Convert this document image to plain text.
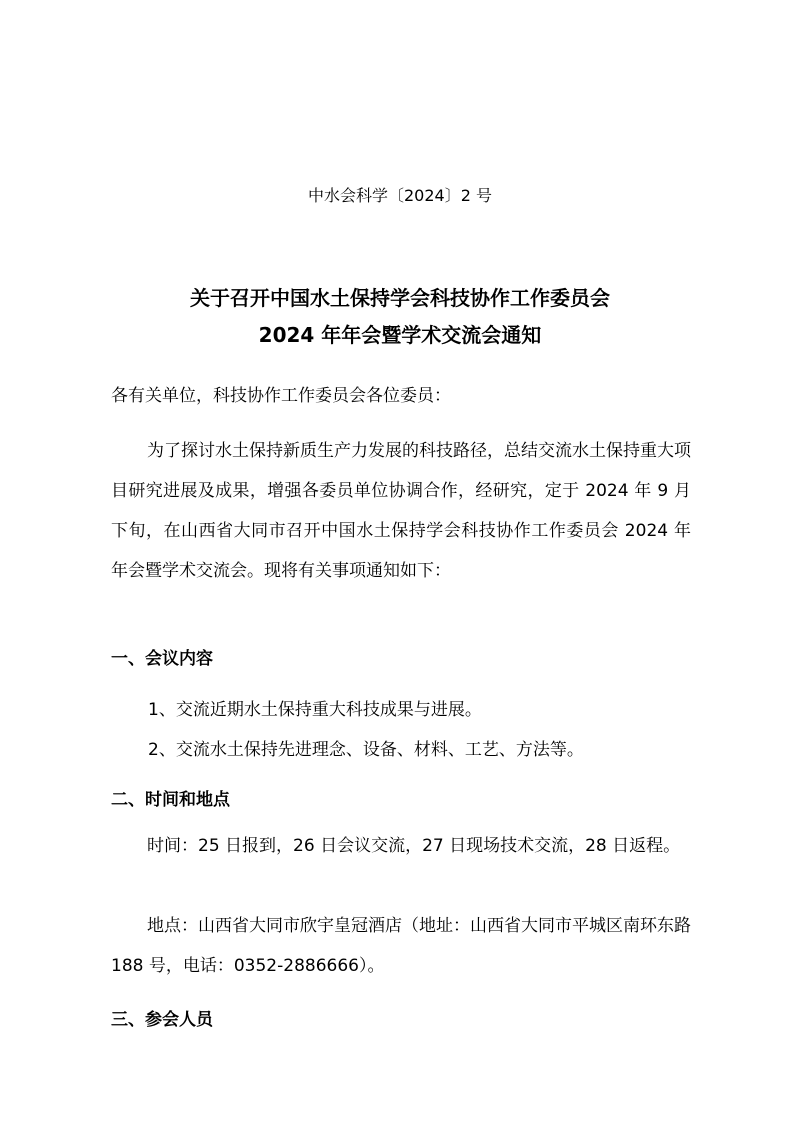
中水会科学〔2024〕2 号
关于召开中国水土保持学会科技协作工作委员会
2024 年年会暨学术交流会通知
各有关单位，科技协作工作委员会各位委员：

为了探讨水土保持新质生产力发展的科技路径，总结交流水土保持重大项目研究进展及成果，增强各委员单位协调合作，经研究，定于 2024 年 9 月下旬，在山西省大同市召开中国水土保持学会科技协作工作委员会 2024 年年会暨学术交流会。现将有关事项通知如下：

一、会议内容

1、交流近期水土保持重大科技成果与进展。

2、交流水土保持先进理念、设备、材料、工艺、方法等。

二、时间和地点

时间：25 日报到，26 日会议交流，27 日现场技术交流，28 日返程。

地点：山西省大同市欣宇皇冠酒店（地址：山西省大同市平城区南环东路 188 号，电话：0352-2886666）。

三、参会人员
